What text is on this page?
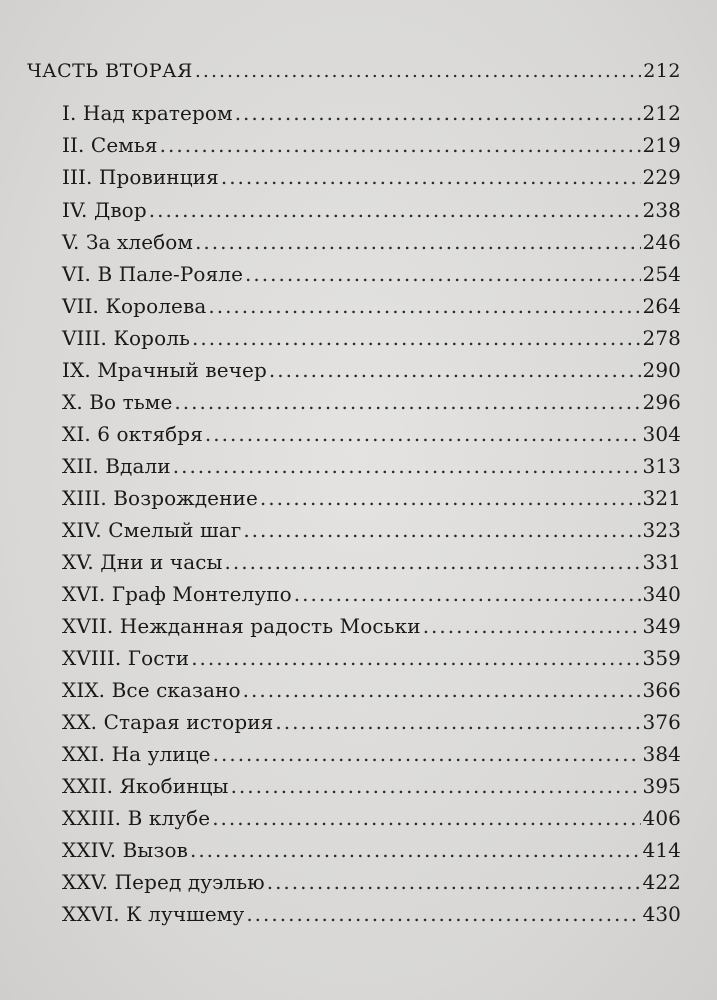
ЧАСТЬ ВТОРАЯ .....	212
I. Над кратером .....	212
II. Семья .....	219
III. Провинция .....	229
IV. Двор .....	238
V. За хлебом .....	246
VI. В Пале-Рояле .....	254
VII. Королева .....	264
VIII. Король .....	278
IX. Мрачный вечер .....	290
X. Во тьме .....	296
XI. 6 октября .....	304
XII. Вдали .....	313
XIII. Возрождение .....	321
XIV. Смелый шаг .....	323
XV. Дни и часы .....	331
XVI. Граф Монтелупо .....	340
XVII. Нежданная радость Моськи .....	349
XVIII. Гости .....	359
XIX. Все сказано .....	366
XX. Старая история .....	376
XXI. На улице .....	384
XXII. Якобинцы .....	395
XXIII. В клубе .....	406
XXIV. Вызов .....	414
XXV. Перед дуэлью .....	422
XXVI. К лучшему .....	430
